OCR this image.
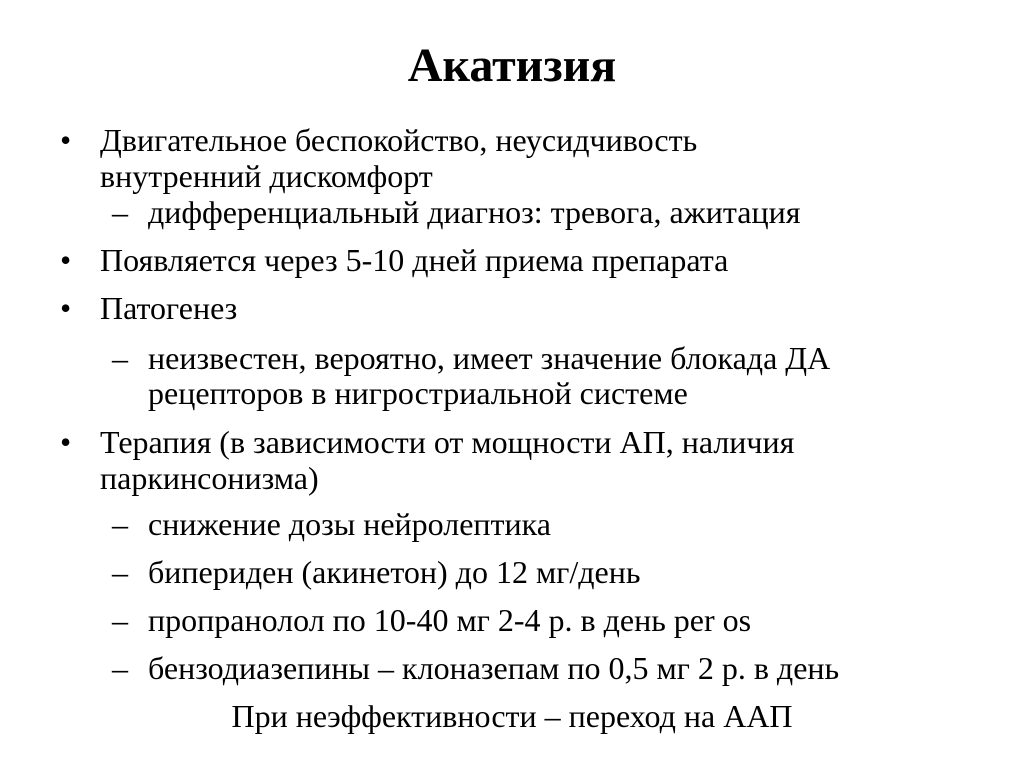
Акатизия
• Двигательное беспокойство, неусидчивость
внутренний дискомфорт
– дифференциальный диагноз: тревога, ажитация
• Появляется через 5-10 дней приема препарата
• Патогенез
– неизвестен, вероятно, имеет значение блокада ДА
рецепторов в нигростриальной системе
• Терапия (в зависимости от мощности АП, наличия
паркинсонизма)
– снижение дозы нейролептика
– бипериден (акинетон) до 12 мг/день
– пропранолол по 10-40 мг 2-4 р. в день per os
– бензодиазепины – клоназепам по 0,5 мг 2 р. в день
При неэффективности – переход на ААП
